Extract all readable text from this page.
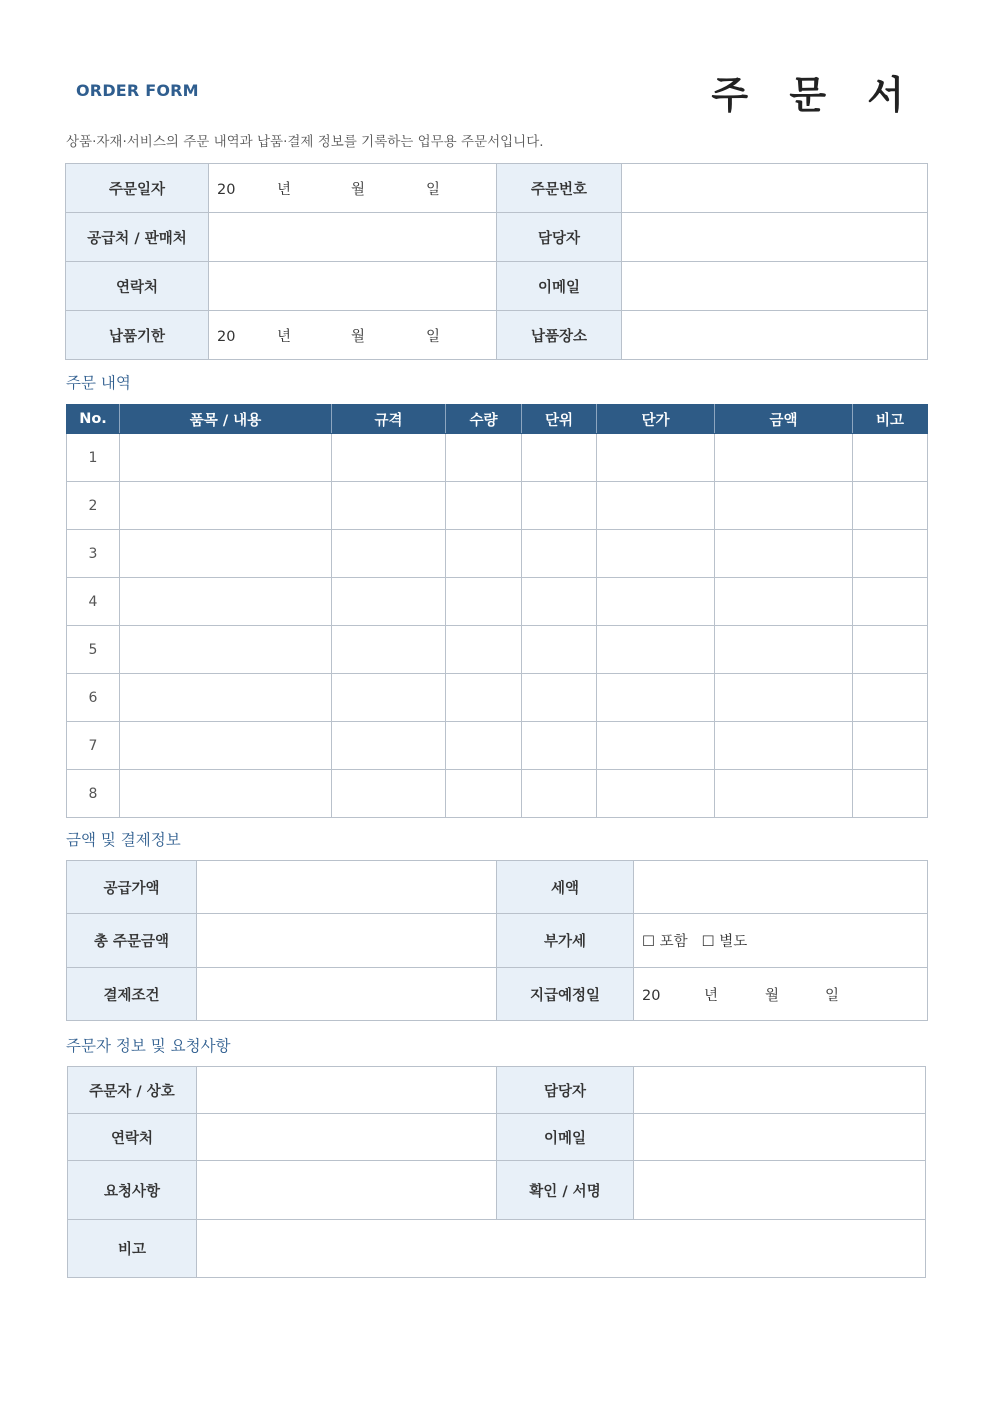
ORDER FORM	주 문 서
상품·자재·서비스의 주문 내역과 납품·결제 정보를 기록하는 업무용 주문서입니다.
주문일자	20 년 월 일	주문번호	
공급처 / 판매처		담당자	
연락처		이메일	
납품기한	20 년 월 일	납품장소	
주문 내역
No.	품목 / 내용	규격	수량	단위	단가	금액	비고
1							
2							
3							
4							
5							
6							
7							
8							
금액 및 결제정보
공급가액		세액	
총 주문금액		부가세	☐ 포함 ☐ 별도
결제조건		지급예정일	20 년 월 일
주문자 정보 및 요청사항
주문자 / 상호		담당자	
연락처		이메일	
요청사항		확인 / 서명	
비고			
